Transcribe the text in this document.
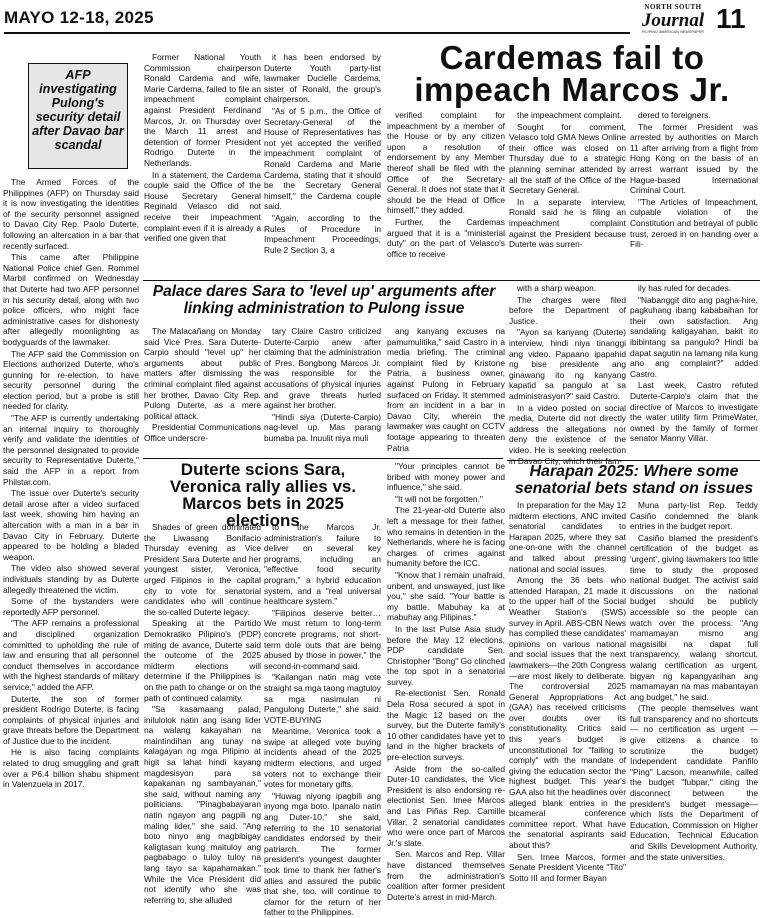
MAYO 12-18, 2025
NORTH SOUTH
Journal
FILIPINO AMERICAN NEWSPAPER 11
AFP investigating Pulong's security detail after Davao bar scandal

The Armed Forces of the Philippines (AFP) on Thursday said it is now investigating the identities of the security personnel assigned to Davao City Rep. Paolo Duterte, following an altercation in a bar that recently surfaced.

This came after Philippine National Police chief Gen. Rommel Marbil confirmed on Wednesday that Duterte had two AFP personnel in his security detail, along with two police officers, who might face administrative cases for dishonesty after allegedly moonlighting as bodyguards of the lawmaker.

The AFP said the Commission on Elections authorized Duterte, who's gunning for re-election, to have security personnel during the election period, but a probe is still needed for clarity.

"The AFP is currently undertaking an internal inquiry to thoroughly verify and validate the identities of the personnel designated to provide security to Representative Duterte," said the AFP in a report from Philstar.com.

The issue over Duterte's security detail arose after a video surfaced last week, showing him having an altercation with a man in a bar in Davao City in February. Duterte appeared to be holding a bladed weapon.

The video also showed several individuals standing by as Duterte allegedly threatened the victim.

Some of the bystanders were reportedly AFP personnel.

"The AFP remains a professional and disciplined organization committed to upholding the rule of law and ensuring that all personnel conduct themselves in accordance with the highest standards of military service," added the AFP.

Duterte, the son of former president Rodrigo Duterte, is facing complaints of physical injuries and grave threats before the Department of Justice due to the incident.

He is also facing complaints related to drug smuggling and graft over a P6.4 billion shabu shipment in Valenzuela in 2017.

Cardemas fail to impeach Marcos Jr.

Former National Youth Commission chairperson Ronald Cardema and wife, Marie Cardema, failed to file an impeachment complaint against President Ferdinand Marcos, Jr. on Thursday over the March 11 arrest and detention of former President Rodrigo Duterte in the Netherlands.

In a statement, the Cardema couple said the Office of the House Secretary General Reginald Velasco did not receive their impeachment complaint even if it is already a verified one given that

it has been endorsed by Duterte Youth party-list lawmaker Ducielle Cardema, sister of Ronald, the group's chairperson.

"As of 5 p.m., the Office of Secretary-General of the House of Representatives has not yet accepted the verified impeachment complaint of Ronald Cardema and Marie Cardema, stating that it should be the Secretary General himself," the Cardema couple said.

"Again, according to the Rules of Procedure in Impeachment Proceedings, Rule 2 Section 3, a

verified complaint for impeachment by a member of the House or by any citizen upon a resolution of endorsement by any Member thereof shall be filed with the Office of the Secretary-General. It does not state that it should be the Head of Office himself," they added.

Further, the Cardemas argued that it is a "ministerial duty" on the part of Velasco's office to receive

the impeachment complaint.

Sought for comment, Velasco told GMA News Online their office was closed on Thursday due to a strategic planning seminar attended by all the staff of the Office of the Secretary General.

In a separate interview, Ronald said he is filing an impeachment complaint against the President because Duterte was surren-

dered to foreigners.

The former President was arrested by authorities on March 11 after arriving from a flight from Hong Kong on the basis of an arrest warrant issued by the Hague-based International Criminal Court.

"The Articles of Impeachment, culpable violation of the Constitution and betrayal of public trust, zeroed in on handing over a Fili-

Palace dares Sara to 'level up' arguments after linking administration to Pulong issue

The Malacañang on Monday said Vice Pres. Sara Duterte-Carpio should "level up" her arguments about public matters after dismissing the criminal complaint filed against her brother, Davao City Rep. Pulong Duterte, as a mere political attack.

Presidential Communications Office underscre-

tary Claire Castro criticized Duterte-Carpio anew after claiming that the administration of Pres. Bongbong Marcos Jr. was responsible for the accusations of physical injuries and grave threats hurled against her brother.

"Hindi siya (Duterte-Carpio) nag-level up. Mas parang bumaba pa. Inuulit niya muli

ang kanyang excuses na pamumulitika," said Castro in a media briefing. The criminal complaint filed by Kristone Patria, a business owner, against Pulong in February surfaced on Friday. It stemmed from an incident in a bar in Davao City, wherein the lawmaker was caught on CCTV footage appearing to threaten Patria

with a sharp weapon.

The charges were filed before the Department of Justice.

"Ayon sa kanyang (Duterte) interview, hindi niya tinanggi ang video. Papaano ipapahid ng bise presidente ang ginawang ito ng kanyang kapatid sa pangulo at sa administrasyon?" said Castro.

In a video posted on social media, Duterte did not directly address the allegations nor deny the existence of the video. He is seeking reelection

ily has ruled for decades.

"Nabanggit dito ang pagha-hire, pagkuhang ibang kababaihan for their own satisfaction. Ang sandaling kaligayahan, bakit ito ibibintang sa pangulo? Hindi ba dapat sagutin na lamang nila kung ano ang complaint?" added Castro.

Last week, Castro refuted Duterte-Carpio's claim that the directive of Marcos to investigate the water utility firm PrimeWater, owned by the family of former senator Manny Villar.

Duterte scions Sara, Veronica rally allies vs. Marcos bets in 2025 elections

Shades of green dominated the Liwasang Bonifacio Thursday evening as Vice President Sara Duterte and her youngest sister, Veronica, urged Filipinos in the capital city to vote for senatorial candidates who will continue the so-called Duterte legacy.

Speaking at the Partido Demokratiko Pilipino's (PDP) miting de avance, Duterte said the outcome of the 2025 midterm elections will determine if the Philippines is on the path to change or on the path of continued calamity.

"Sa kasamaang palad, inilulolok natin ang isang lider na walang kakayahan na maintindihan ang tunay na kalagayan ng mga Pilipino at higit sa lahat hindi kayang magdesisyon para sa kapakanan ng sambayanan," she said, without naming any politicians. "Pinagbabayaran natin ngayon ang pagpili ng maling lider," she said. "Ang boto ninyo ang magbibigay kaligtasan kung maituloy ang pagbabago o tuloy tuloy na lang tayo sa kapahamakan." While the Vice President did not identify who she was referring to, she alluded

to the Marcos Jr. administration's failure to deliver on several key programs, including an "effective food security program," a hybrid education system, and a "real universal healthcare system."

"Filipinos deserve better… We must return to long-term concrete programs, not short-term dole outs that are being abused by those in power," the second-in-command said.

"Kailangan natin mag vote straight sa mga taong magtuloy sa mga nasimulan ni Pangulong Duterte," she said. VOTE-BUYING

Meantime, Veronica took a swipe at alleged vote buying incidents ahead of the 2025 midterm elections, and urged voters not to exchange their votes for monetary gifts.

"Huwag niyong ipagbili ang inyong mga boto. Ipanalo natin ang Duter-10," she said, referring to the 10 senatorial candidates endorsed by their patriarch. The former president's youngest daughter took time to thank her father's allies and assured the public that she, too, will continue to clamor for the return of her father to the Philippines.

"Your principles cannot be bribed with money power and influence," she said.

"It will not be forgotten."

The 21-year-old Duterte also left a message for their father, who remains in detention in the Netherlands, where he is facing charges of crimes against humanity before the ICC.

"Know that I remain unafraid, unbent, and unswayed, just like you," she said. "Your battle is my battle. Mabuhay ka at mabuhay ang Pilipinas."

In the last Pulse Asia study before the May 12 elections, PDP candidate Sen. Christopher "Bong" Go clinched the top spot in a senatorial survey.

Re-electionist Sen. Ronald Dela Rosa secured a spot in the Magic 12 based on the survey, but the Duterte family's 10 other candidates have yet to land in the higher brackets of pre-election surveys.

Aside from the so-called Duter-10 candidates, the Vice President is also endorsing re-electionist Sen. Imee Marcos and Las Piñas Rep. Camille Villar, 2 senatorial candidates who were once part of Marcos Jr.'s slate.

Sen. Marcos and Rep. Villar have distanced themselves from the administration's coalition after former president Duterte's arrest in mid-March.

Harapan 2025: Where some senatorial bets stand on issues

In preparation for the May 12 midterm elections, ANC invited senatorial candidates to Harapan 2025, where they sat one-on-one with the channel and talked about pressing national and social issues.

Among the 36 bets who attended Harapan, 21 made it to the upper half of the Social Weather Station's (SWS) survey in April. ABS-CBN News has compiled these candidates' opinions on various national and social issues that the next lawmakers—the 20th Congress—are most likely to deliberate. The controversial 2025 General Appropriations Act (GAA) has received criticisms over doubts over its constitutionality. Critics said this year's budget is unconstitutional for "failing to comply" with the mandate of giving the education sector the highest budget. This year's GAA also hit the headlines over alleged blank entries in the bicameral conference committee report. What have the senatorial aspirants said about this?

Sen. Imee Marcos, former Senate President Vicente "Tito" Sotto III and former Bayan

Muna party-list Rep. Teddy Casiño condemned the blank entries in the budget report.

Casiño blamed the president's certification of the budget as 'urgent', giving lawmakers too little time to study the proposed national budget. The activist said discussions on the national budget should be publicly accessible so the people can watch over the process. "Ang mamamayan mismo ang magsisilbi na dapat full transparency, walang shortcut, walang certification as urgent, bigyan ng kapangyarihan ang mamamayan na mas mabantayan ang budget," he said.

(The people themselves want full transparency and no shortcuts — no certification as urgent — give citizens a chance to scrutinize the budget) Independent candidate Panfilo "Ping" Lacson, meanwhile, called the budget "fubpar," citing the disconnect between the president's budget message—which lists the Department of Education, Commission on Higher Education, Technical Education and Skills Development Authority, and the state universities.
